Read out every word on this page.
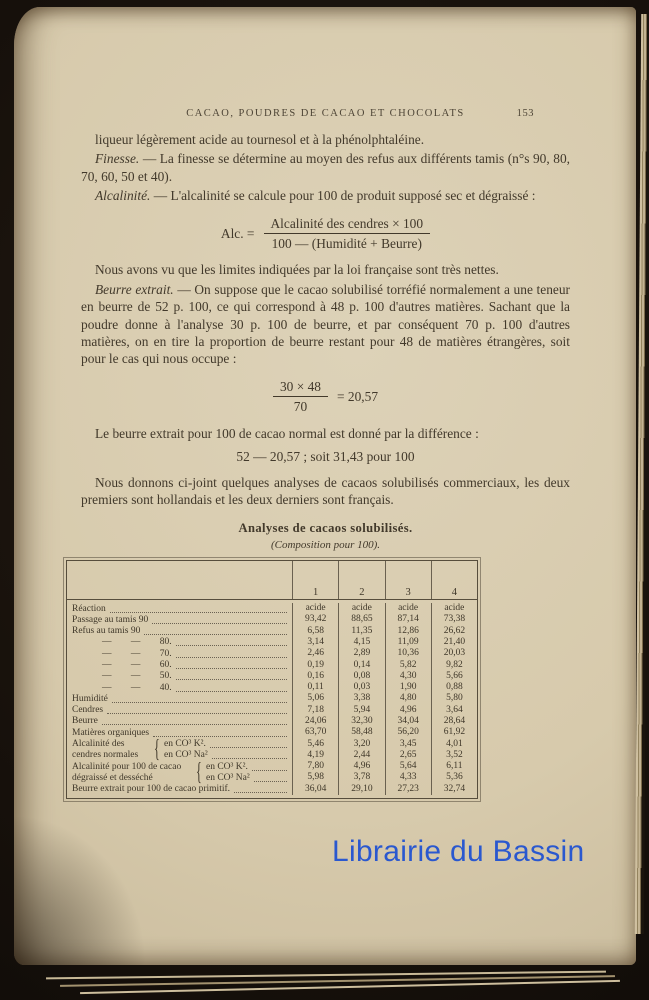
CACAO, POUDRES DE CACAO ET CHOCOLATS	153

liqueur légèrement acide au tournesol et à la phénolphtaléine.

Finesse. — La finesse se détermine au moyen des refus aux différents tamis (n°s 90, 80, 70, 60, 50 et 40).

Alcalinité. — L'alcalinité se calcule pour 100 de produit supposé sec et dégraissé :

Alc. = $\frac{\text{Alcalinité des cendres × 100}}{\text{100 — (Humidité + Beurre)}}$

Nous avons vu que les limites indiquées par la loi française sont très nettes.

Beurre extrait. — On suppose que le cacao solubilisé torréfié normalement a une teneur en beurre de 52 p. 100, ce qui correspond à 48 p. 100 d'autres matières. Sachant que la poudre donne à l'analyse 30 p. 100 de beurre, et par conséquent 70 p. 100 d'autres matières, on en tire la proportion de beurre restant pour 48 de matières étrangères, soit pour le cas qui nous occupe :

$\frac{30 \times 48}{70} = 20,57$

Le beurre extrait pour 100 de cacao normal est donné par la différence :

52 — 20,57 ; soit 31,43 pour 100

Nous donnons ci-joint quelques analyses de cacaos solubilisés commerciaux, les deux premiers sont hollandais et les deux derniers sont français.

Analyses de cacaos solubilisés.
(Composition pour 100).
1	2	3	4
Réaction	acide	acide	acide	acide
Passage au tamis 90	93,42	88,65	87,14	73,38
Refus au tamis 90	6,58	11,35	12,86	26,62
— — 80.	3,14	4,15	11,09	21,40
— — 70.	2,46	2,89	10,36	20,03
— — 60.	0,19	0,14	5,82	9,82
— — 50.	0,16	0,08	4,30	5,66
— — 40.	0,11	0,03	1,90	0,88
Humidité	5,06	3,38	4,80	5,80
Cendres	7,18	5,94	4,96	3,64
Beurre	24,06	32,30	34,04	28,64
Matières organiques	63,70	58,48	56,20	61,92
Alcalinité des	{ en CO³ K².	5,46	3,20	3,45	4,01
cendres normales	en CO³ Na²	4,19	2,44	2,65	3,52
Alcalinité pour 100 de cacao	{ en CO³ K².	7,80	4,96	5,64	6,11
dégraissé et desséché	en CO³ Na²	5,98	3,78	4,33	5,36
Beurre extrait pour 100 de cacao primitif.	36,04	29,10	27,23	32,74
Librairie du Bassin
